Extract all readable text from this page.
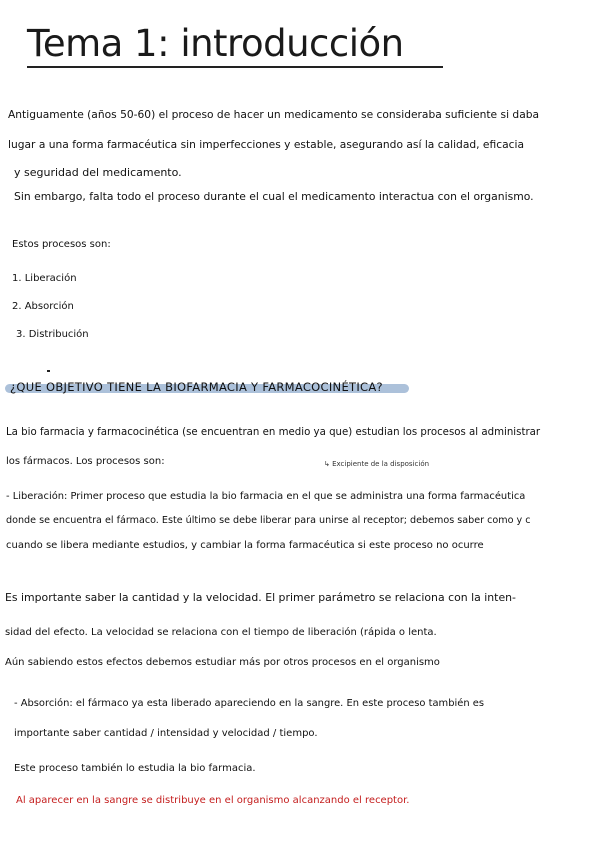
Tema 1: introducción
Antiguamente (años 50-60) el proceso de hacer un medicamento se consideraba suficiente si daba
lugar a una forma farmacéutica sin imperfecciones y estable, asegurando así la calidad, eficacia
y seguridad del medicamento.
Sin embargo, falta todo el proceso durante el cual el medicamento interactua con el organismo.
Estos procesos son:
1. Liberación
2. Absorción
3. Distribución
¿QUE OBJETIVO TIENE LA BIOFARMACIA Y FARMACOCINÉTICA?
La bio farmacia y farmacocinética (se encuentran en medio ya que) estudian los procesos al administrar
los fármacos. Los procesos son:	↳ Excipiente de la disposición
- Liberación: Primer proceso que estudia la bio farmacia en el que se administra una forma farmacéutica
donde se encuentra el fármaco. Este último se debe liberar para unirse al receptor; debemos saber como y c
cuando se libera mediante estudios, y cambiar la forma farmacéutica si este proceso no ocurre
Es importante saber la cantidad y la velocidad. El primer parámetro se relaciona con la inten-
sidad del efecto. La velocidad se relaciona con el tiempo de liberación (rápida o lenta.
Aún sabiendo estos efectos debemos estudiar más por otros procesos en el organismo
- Absorción: el fármaco ya esta liberado apareciendo en la sangre. En este proceso también es
importante saber cantidad / intensidad y velocidad / tiempo.
Este proceso también lo estudia la bio farmacia.
Al aparecer en la sangre se distribuye en el organismo alcanzando el receptor.
